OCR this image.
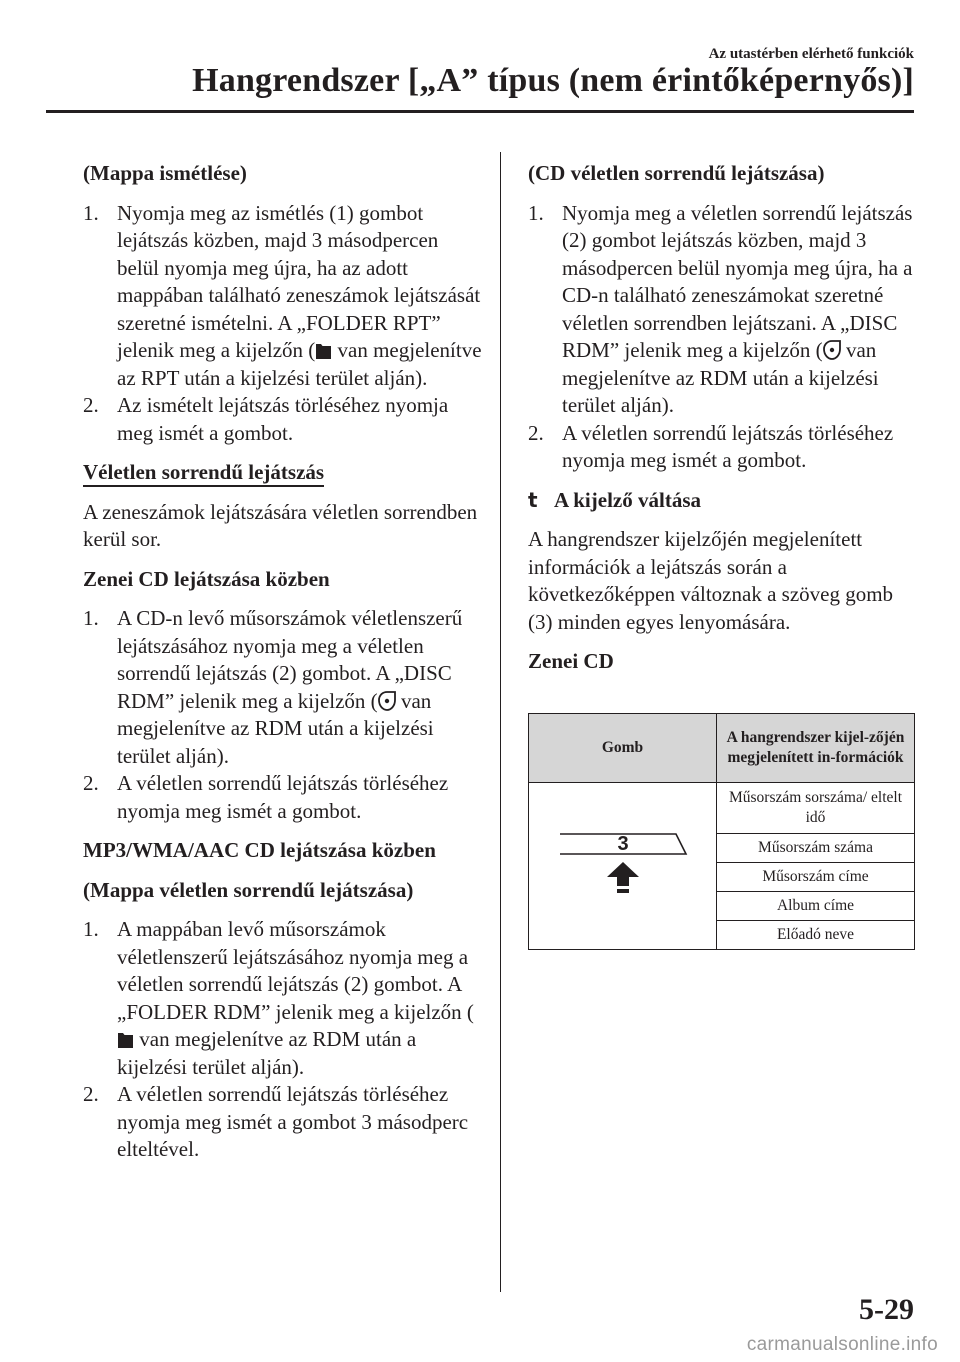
Az utastérben elérhető funkciók
Hangrendszer [„A” típus (nem érintőképernyős)]

(Mappa ismétlése)

1. Nyomja meg az ismétlés (1) gombot lejátszás közben, majd 3 másodpercen belül nyomja meg újra, ha az adott mappában található zeneszámok lejátszását szeretné ismételni. A „FOLDER RPT” jelenik meg a kijelzőn ( van megjelenítve az RPT után a kijelzési terület alján).
2. Az ismételt lejátszás törléséhez nyomja meg ismét a gombot.

Véletlen sorrendű lejátszás

A zeneszámok lejátszására véletlen sorrendben kerül sor.

Zenei CD lejátszása közben

1. A CD-n levő műsorszámok véletlenszerű lejátszásához nyomja meg a véletlen sorrendű lejátszás (2) gombot. A „DISC RDM” jelenik meg a kijelzőn ( van megjelenítve az RDM után a kijelzési terület alján).
2. A véletlen sorrendű lejátszás törléséhez nyomja meg ismét a gombot.

MP3/WMA/AAC CD lejátszása közben

(Mappa véletlen sorrendű lejátszása)

1. A mappában levő műsorszámok véletlenszerű lejátszásához nyomja meg a véletlen sorrendű lejátszás (2) gombot. A „FOLDER RDM” jelenik meg a kijelzőn ( van megjelenítve az RDM után a kijelzési terület alján).
2. A véletlen sorrendű lejátszás törléséhez nyomja meg ismét a gombot 3 másodperc elteltével.

(CD véletlen sorrendű lejátszása)

1. Nyomja meg a véletlen sorrendű lejátszás (2) gombot lejátszás közben, majd 3 másodpercen belül nyomja meg újra, ha a CD-n található zeneszámokat szeretné véletlen sorrendben lejátszani. A „DISC RDM” jelenik meg a kijelzőn ( van megjelenítve az RDM után a kijelzési terület alján).
2. A véletlen sorrendű lejátszás törléséhez nyomja meg ismét a gombot.

t A kijelző váltása

A hangrendszer kijelzőjén megjelenített információk a lejátszás során a következőképpen változnak a szöveg gomb (3) minden egyes lenyomására.

Zenei CD

Gomb	A hangrendszer kijel-zőjén megjelenített in-formációk

3	Műsorszám sorszáma/ eltelt idő
	Műsorszám száma
	Műsorszám címe
	Album címe
	Előadó neve
5-29
carmanualsonline.info
